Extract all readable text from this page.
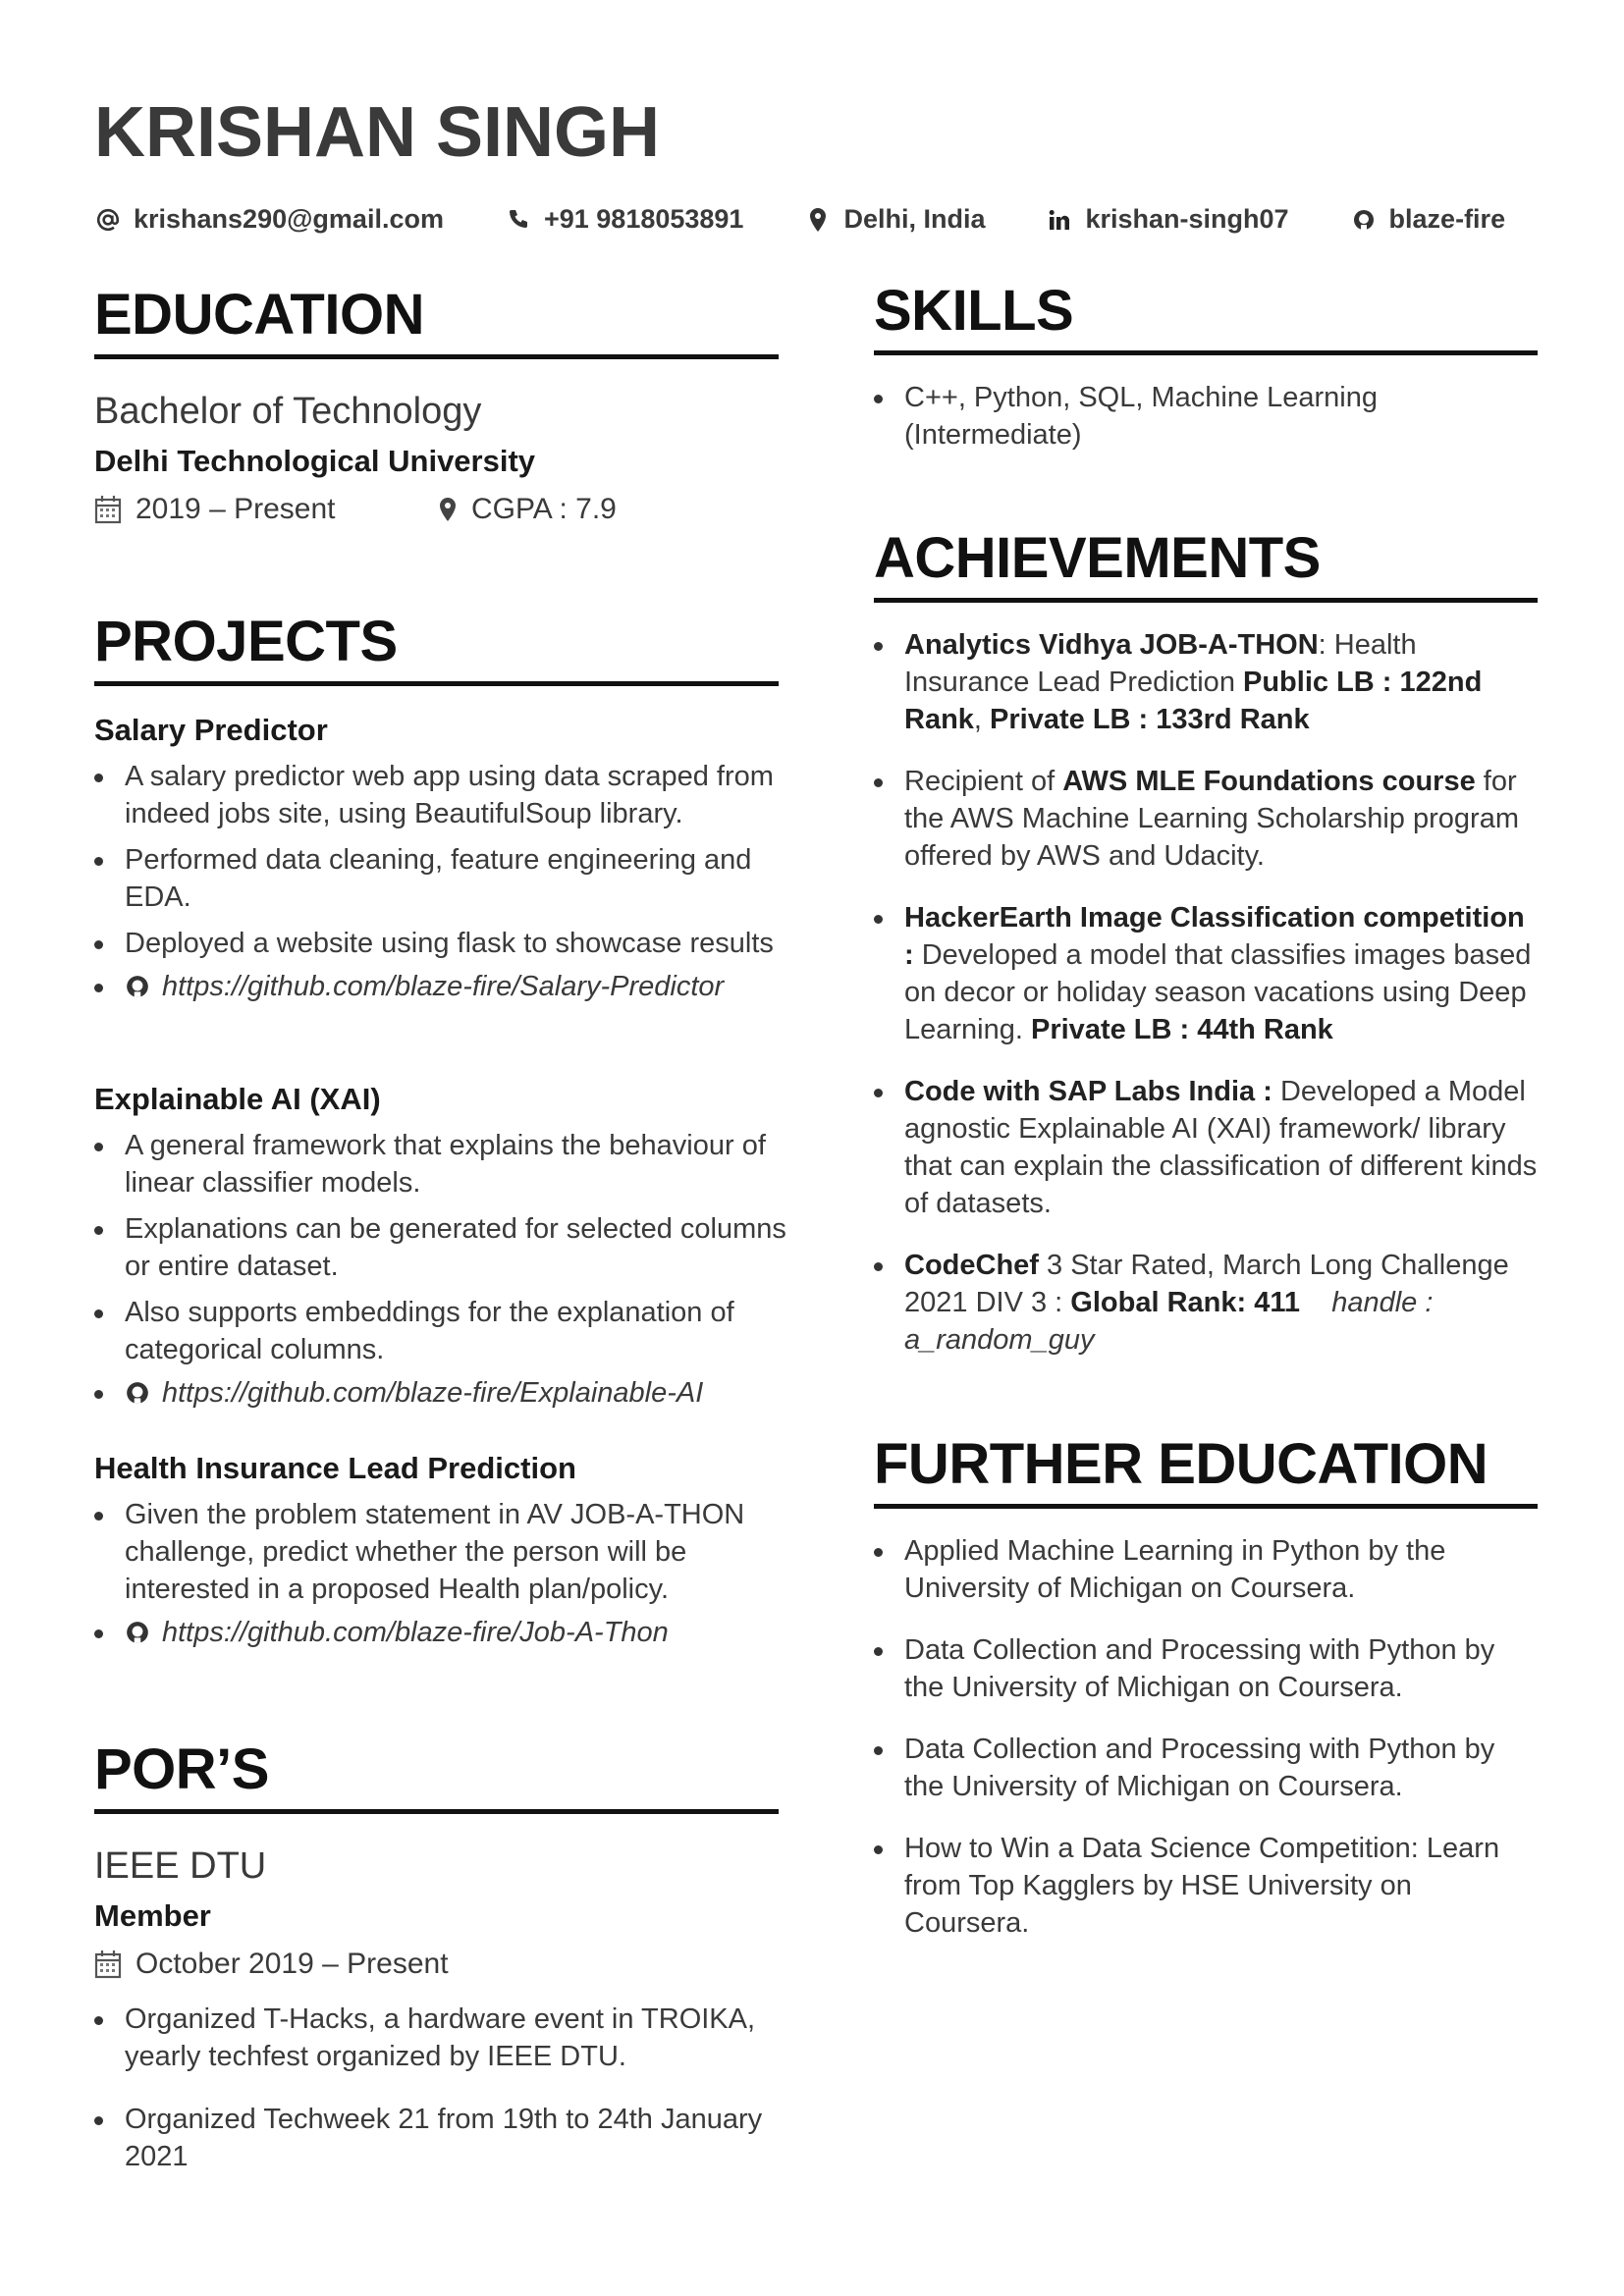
KRISHAN SINGH
krishans290@gmail.com	+91 9818053891	Delhi, India	krishan-singh07	blaze-fire
EDUCATION
Bachelor of Technology
Delhi Technological University
2019 – Present	CGPA : 7.9
PROJECTS
Salary Predictor
A salary predictor web app using data scraped from indeed jobs site, using BeautifulSoup library.
Performed data cleaning, feature engineering and EDA.
Deployed a website using flask to showcase results
https://github.com/blaze-fire/Salary-Predictor
Explainable AI (XAI)
A general framework that explains the behaviour of linear classifier models.
Explanations can be generated for selected columns or entire dataset.
Also supports embeddings for the explanation of categorical columns.
https://github.com/blaze-fire/Explainable-AI
Health Insurance Lead Prediction
Given the problem statement in AV JOB-A-THON challenge, predict whether the person will be interested in a proposed Health plan/policy.
https://github.com/blaze-fire/Job-A-Thon
POR’S
IEEE DTU
Member
October 2019 – Present
Organized T-Hacks, a hardware event in TROIKA, yearly techfest organized by IEEE DTU.
Organized Techweek 21 from 19th to 24th January 2021
SKILLS
C++, Python, SQL, Machine Learning (Intermediate)
ACHIEVEMENTS
Analytics Vidhya JOB-A-THON: Health Insurance Lead Prediction Public LB : 122nd Rank, Private LB : 133rd Rank
Recipient of AWS MLE Foundations course for the AWS Machine Learning Scholarship program offered by AWS and Udacity.
HackerEarth Image Classification competition : Developed a model that classifies images based on decor or holiday season vacations using Deep Learning. Private LB : 44th Rank
Code with SAP Labs India : Developed a Model agnostic Explainable AI (XAI) framework/ library that can explain the classification of different kinds of datasets.
CodeChef 3 Star Rated, March Long Challenge 2021 DIV 3 : Global Rank: 411 handle : a_random_guy
FURTHER EDUCATION
Applied Machine Learning in Python by the University of Michigan on Coursera.
Data Collection and Processing with Python by the University of Michigan on Coursera.
Data Collection and Processing with Python by the University of Michigan on Coursera.
How to Win a Data Science Competition: Learn from Top Kagglers by HSE University on Coursera.
